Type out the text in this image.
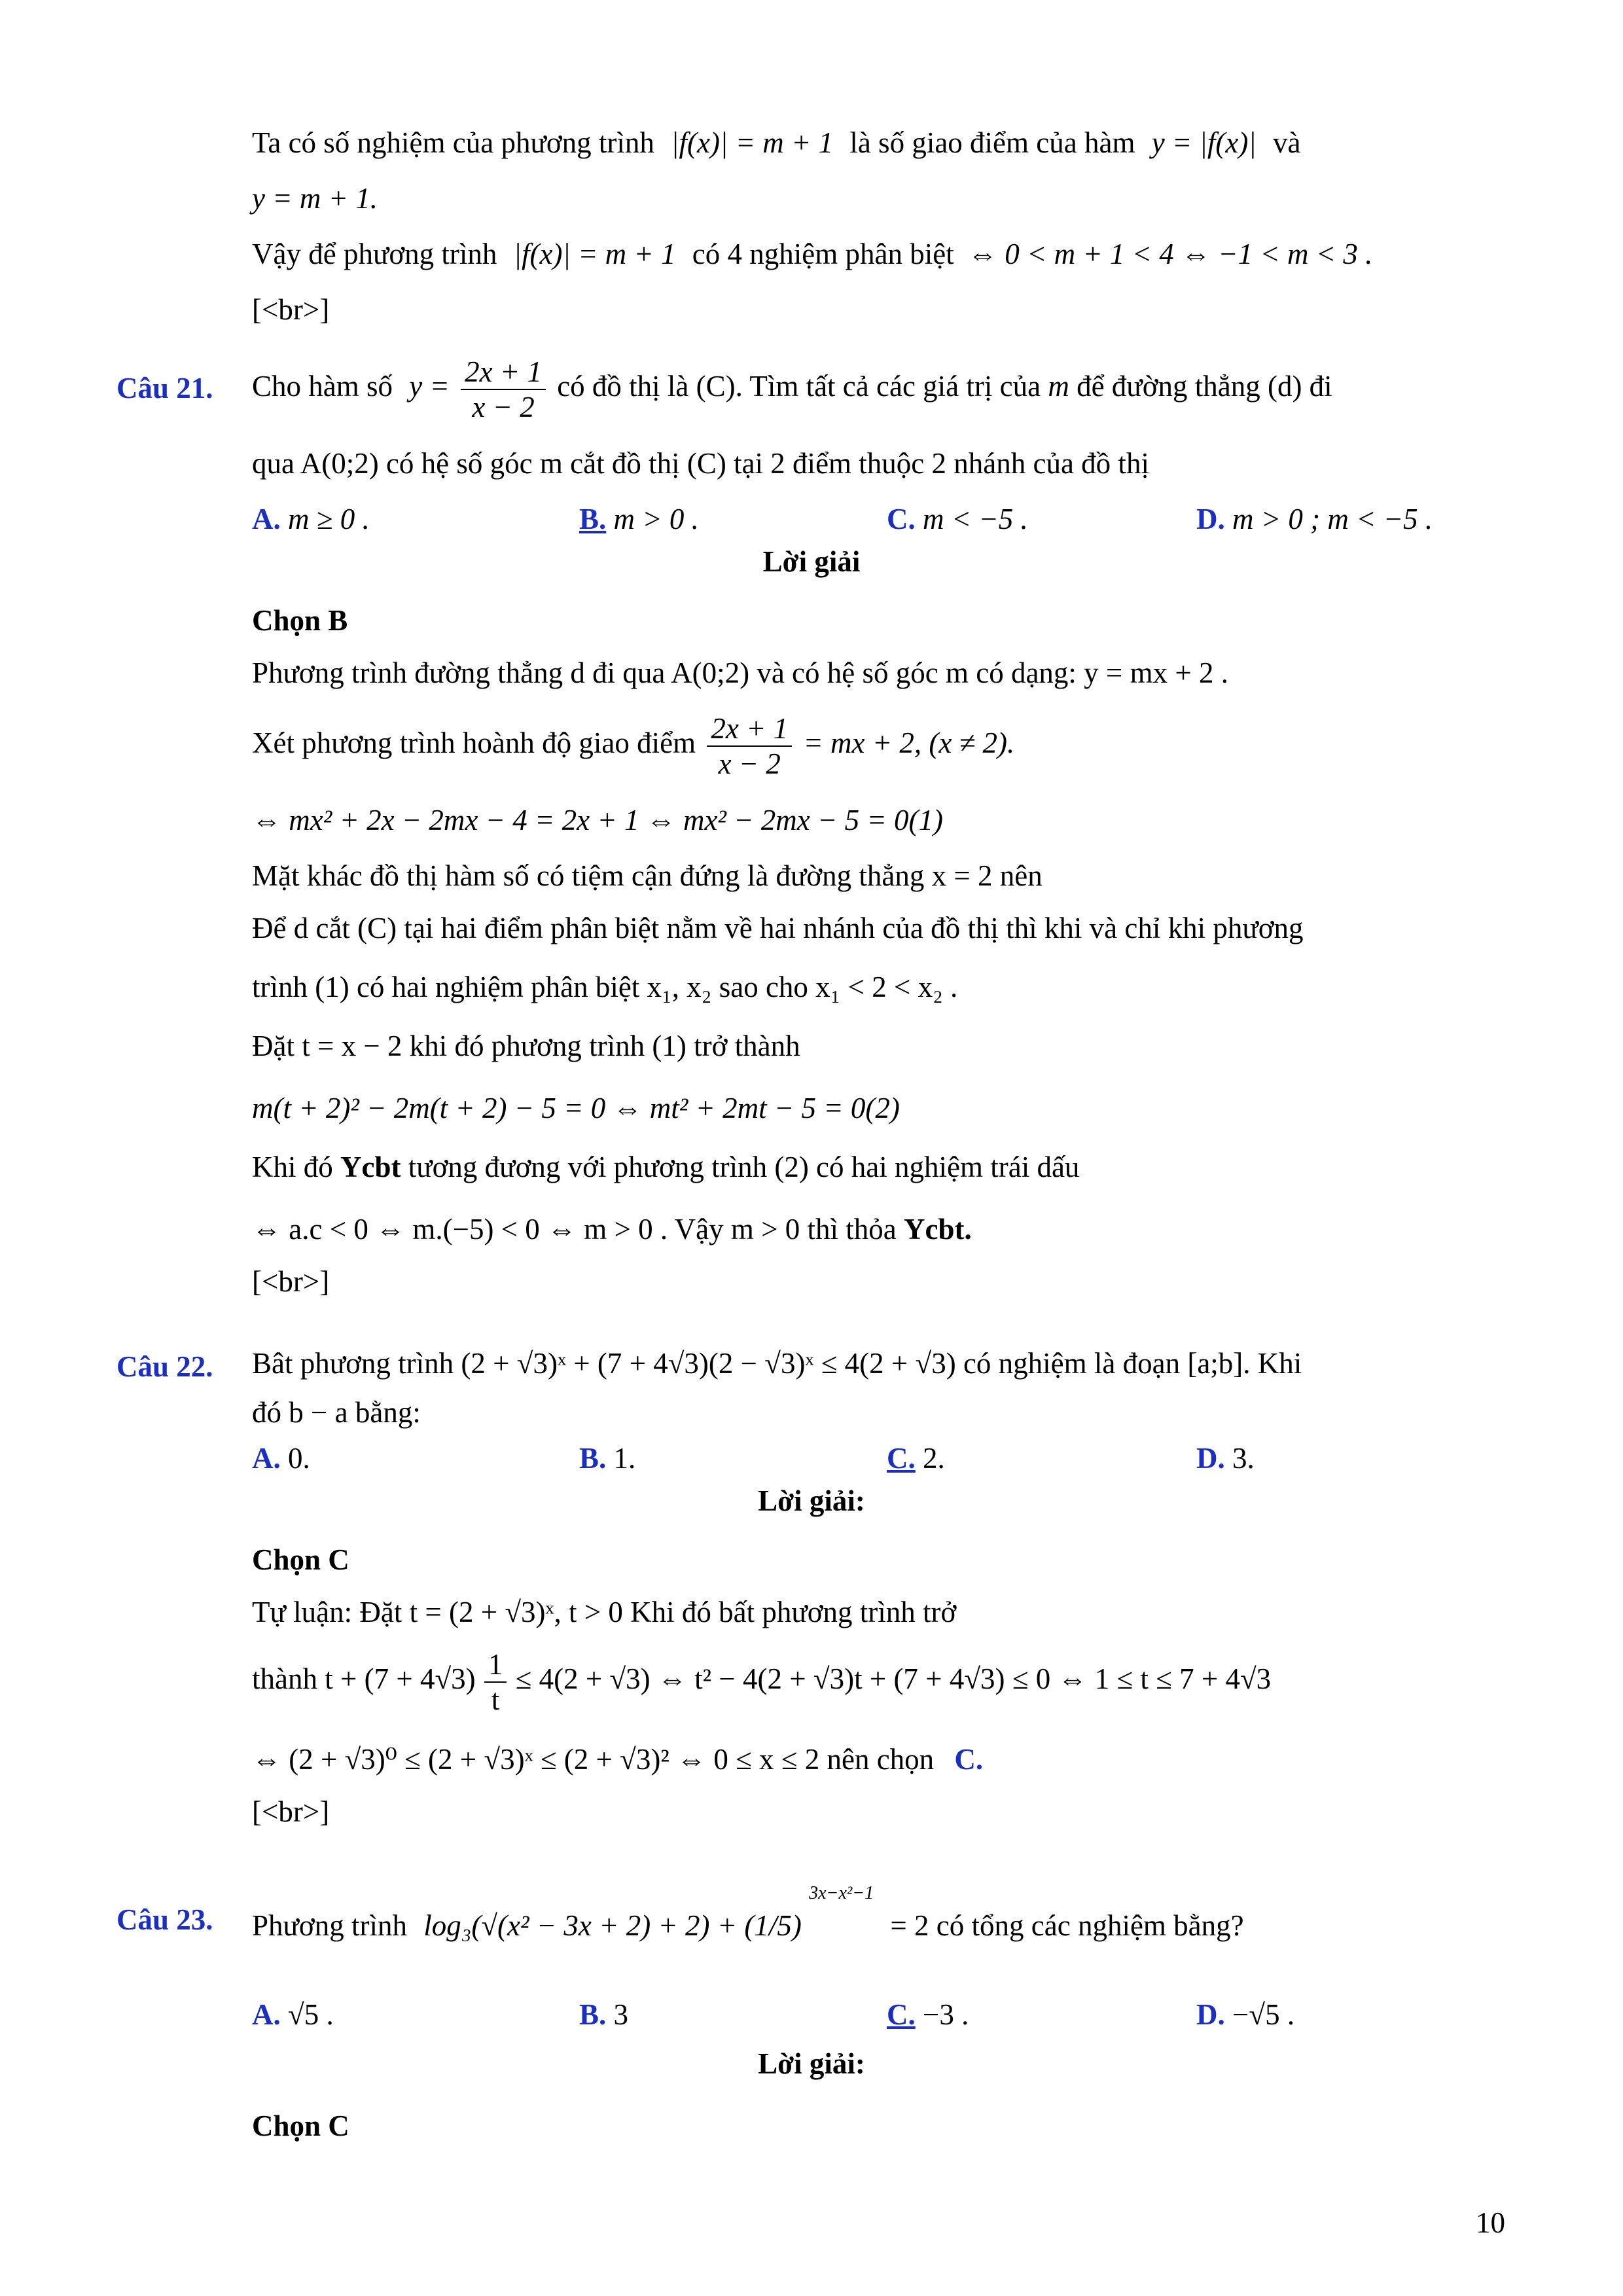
Ta có số nghiệm của phương trình |f(x)| = m + 1 là số giao điểm của hàm y = |f(x)| và
y = m + 1.
Vậy để phương trình |f(x)| = m + 1 có 4 nghiệm phân biệt ⇔ 0 < m + 1 < 4 ⇔ −1 < m < 3 .
[<br>]
Câu 21. Cho hàm số $y = \frac{2x + 1}{x - 2}$ có đồ thị là (C). Tìm tất cả các giá trị của m để đường thẳng (d) đi
qua A(0;2) có hệ số góc m cắt đồ thị (C) tại 2 điểm thuộc 2 nhánh của đồ thị
A. m ≥ 0 .	B. m > 0 .	C. m < −5 .	D. m > 0 ; m < −5 .
Lời giải
Chọn B
Phương trình đường thẳng d đi qua A(0;2) và có hệ số góc m có dạng: y = mx + 2 .
Xét phương trình hoành độ giao điểm $\frac{2x + 1}{x - 2}$ = mx + 2, (x ≠ 2).
⇔ mx² + 2x − 2mx − 4 = 2x + 1 ⇔ mx² − 2mx − 5 = 0(1)
Mặt khác đồ thị hàm số có tiệm cận đứng là đường thẳng x = 2 nên
Để d cắt (C) tại hai điểm phân biệt nằm về hai nhánh của đồ thị thì khi và chỉ khi phương
trình (1) có hai nghiệm phân biệt x₁, x₂ sao cho x₁ < 2 < x₂ .
Đặt t = x − 2 khi đó phương trình (1) trở thành
m(t + 2)² − 2m(t + 2) − 5 = 0 ⇔ mt² + 2mt − 5 = 0(2)
Khi đó Ycbt tương đương với phương trình (2) có hai nghiệm trái dấu
⇔ a.c < 0 ⇔ m.(−5) < 0 ⇔ m > 0 . Vậy m > 0 thì thỏa Ycbt.
[<br>]
Câu 22. Bât phương trình (2 + √3)ˣ + (7 + 4√3)(2 − √3)ˣ ≤ 4(2 + √3) có nghiệm là đoạn [a;b]. Khi
đó b − a bằng:
A. 0.	B. 1.	C. 2.	D. 3.
Lời giải:
Chọn C
Tự luận: Đặt t = (2 + √3)ˣ, t > 0 Khi đó bất phương trình trở
thành $t + (7 + 4√3) \frac{1}{t} \le 4(2 + √3)$ ⇔ t² − 4(2 + √3)t + (7 + 4√3) ≤ 0 ⇔ 1 ≤ t ≤ 7 + 4√3
⇔ (2 + √3)⁰ ≤ (2 + √3)ˣ ≤ (2 + √3)² ⇔ 0 ≤ x ≤ 2 nên chọn C.
[<br>]
Câu 23. Phương trình log₃(√(x² − 3x + 2) + 2) + (1/5) $^{3x-x^2-1}$ = 2 có tổng các nghiệm bằng?
A. √5 .	B. 3	C. −3 .	D. −√5 .
Lời giải:
Chọn C
10
